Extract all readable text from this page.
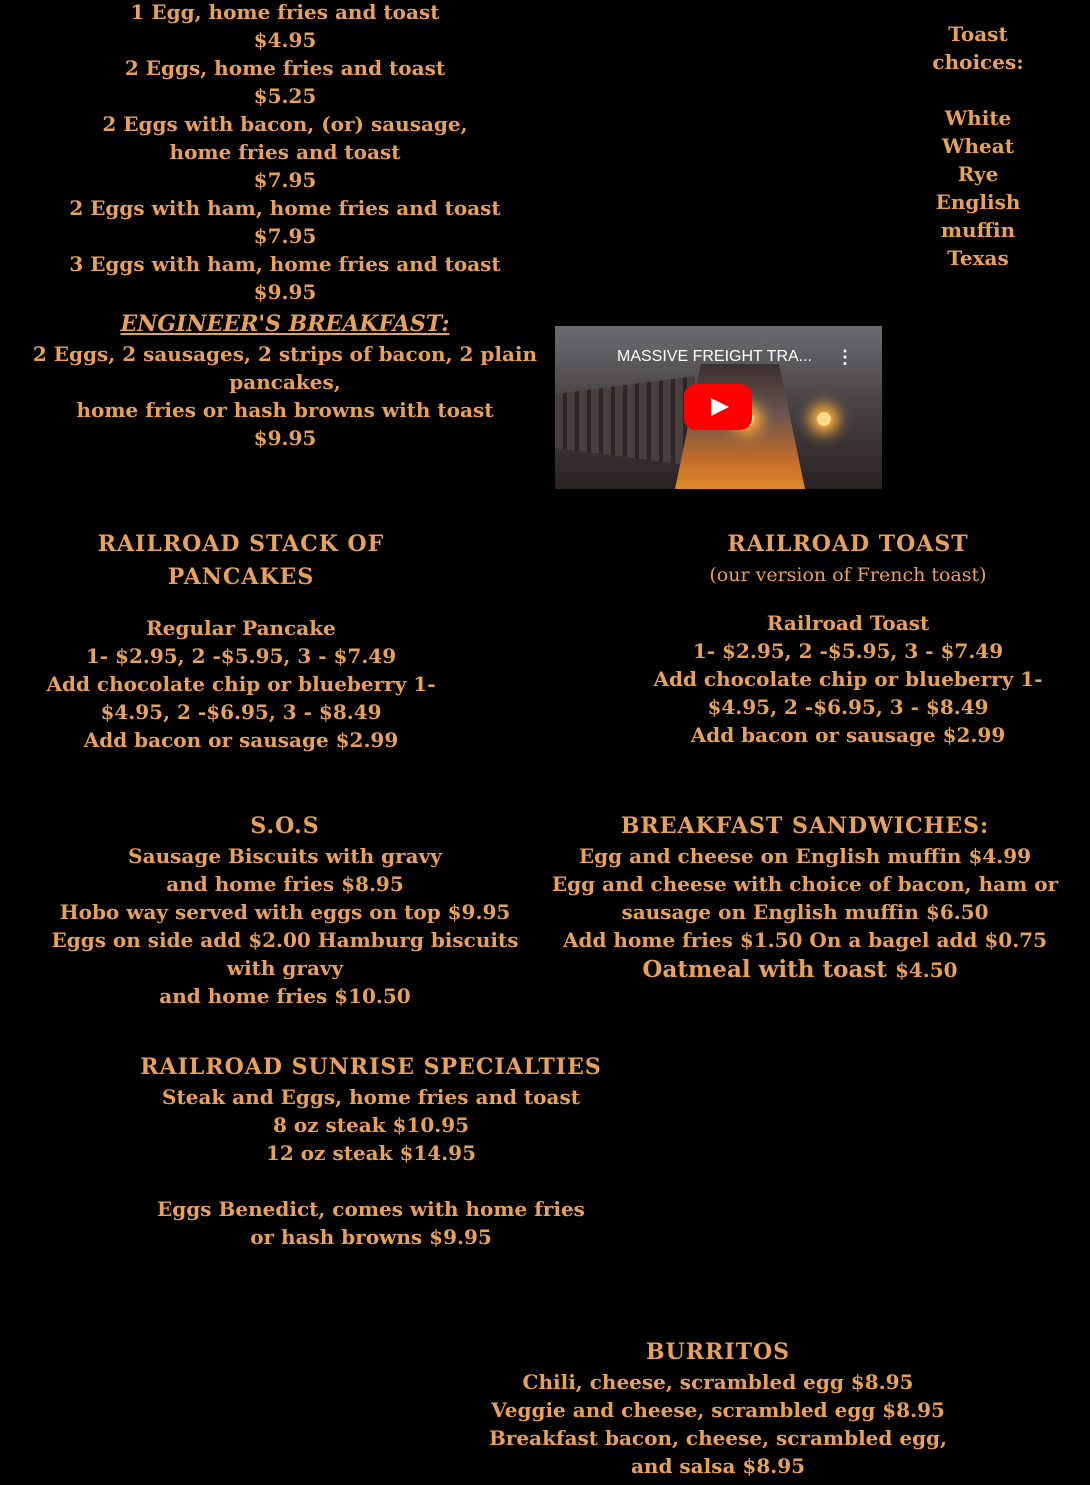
1 Egg, home fries and toast
$4.95
2 Eggs, home fries and toast
$5.25
2 Eggs with bacon, (or) sausage,
home fries and toast
$7.95
2 Eggs with ham, home fries and toast
$7.95
3 Eggs with ham, home fries and toast
$9.95
ENGINEER'S BREAKFAST:
2 Eggs, 2 sausages, 2 strips of bacon, 2 plain
pancakes,
home fries or hash browns with toast
$9.95
Toast
choices:
White
Wheat
Rye
English
muffin
Texas
MASSIVE FREIGHT TRA... ⋮
RAILROAD STACK OF
PANCAKES
Regular Pancake
1- $2.95, 2 -$5.95, 3 - $7.49
Add chocolate chip or blueberry 1-
$4.95, 2 -$6.95, 3 - $8.49
Add bacon or sausage $2.99
RAILROAD TOAST
(our version of French toast)
Railroad Toast
1- $2.95, 2 -$5.95, 3 - $7.49
Add chocolate chip or blueberry 1-
$4.95, 2 -$6.95, 3 - $8.49
Add bacon or sausage $2.99
S.O.S
Sausage Biscuits with gravy
and home fries $8.95
Hobo way served with eggs on top $9.95
Eggs on side add $2.00 Hamburg biscuits
with gravy
and home fries $10.50
BREAKFAST SANDWICHES:
Egg and cheese on English muffin $4.99
Egg and cheese with choice of bacon, ham or
sausage on English muffin $6.50
Add home fries $1.50 On a bagel add $0.75
Oatmeal with toast $4.50
RAILROAD SUNRISE SPECIALTIES
Steak and Eggs, home fries and toast
8 oz steak $10.95
12 oz steak $14.95
Eggs Benedict, comes with home fries
or hash browns $9.95
BURRITOS
Chili, cheese, scrambled egg $8.95
Veggie and cheese, scrambled egg $8.95
Breakfast bacon, cheese, scrambled egg,
and salsa $8.95
